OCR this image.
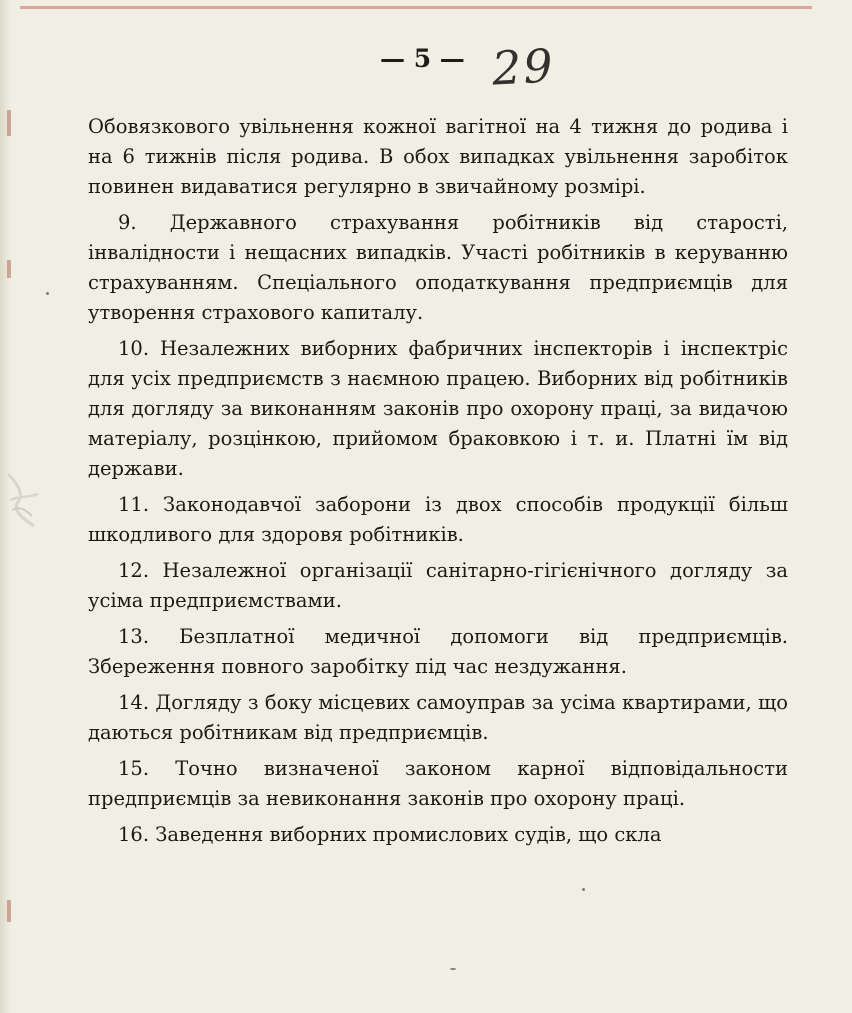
— 5 — 29

Обовязкового увільнення кожної вагітної на 4 тижня до родива і на 6 тижнів після родива. В обох випадках увільнення заробіток повинен видаватися регулярно в звичайному розмірі.

9. Державного страхування робітників від старості, інвалідности і нещасних випадків. Участі робітників в керуванню страхуванням. Спеціального оподаткування предприємців для утворення страхового капиталу.

10. Незалежних виборних фабричних інспекторів і інспектріс для усіх предприємств з наємною працею. Виборних від робітників для догляду за виконанням законів про охорону праці, за видачою матеріалу, розцінкою, прийомом браковкою і т. и. Платні їм від держави.

11. Законодавчої заборони із двох способів продукції більш шкодливого для здоровя робітників.

12. Незалежної організації санітарно-гігієнічного догляду за усіма предприємствами.

13. Безплатної медичної допомоги від предприємців. Збереження повного заробітку під час нездужання.

14. Догляду з боку місцевих самоуправ за усіма квартирами, що даються робітникам від предприємців.

15. Точно визначеної законом карної відповідальности предприємців за невиконання законів про охорону праці.

16. Заведення виборних промислових судів, що скла
